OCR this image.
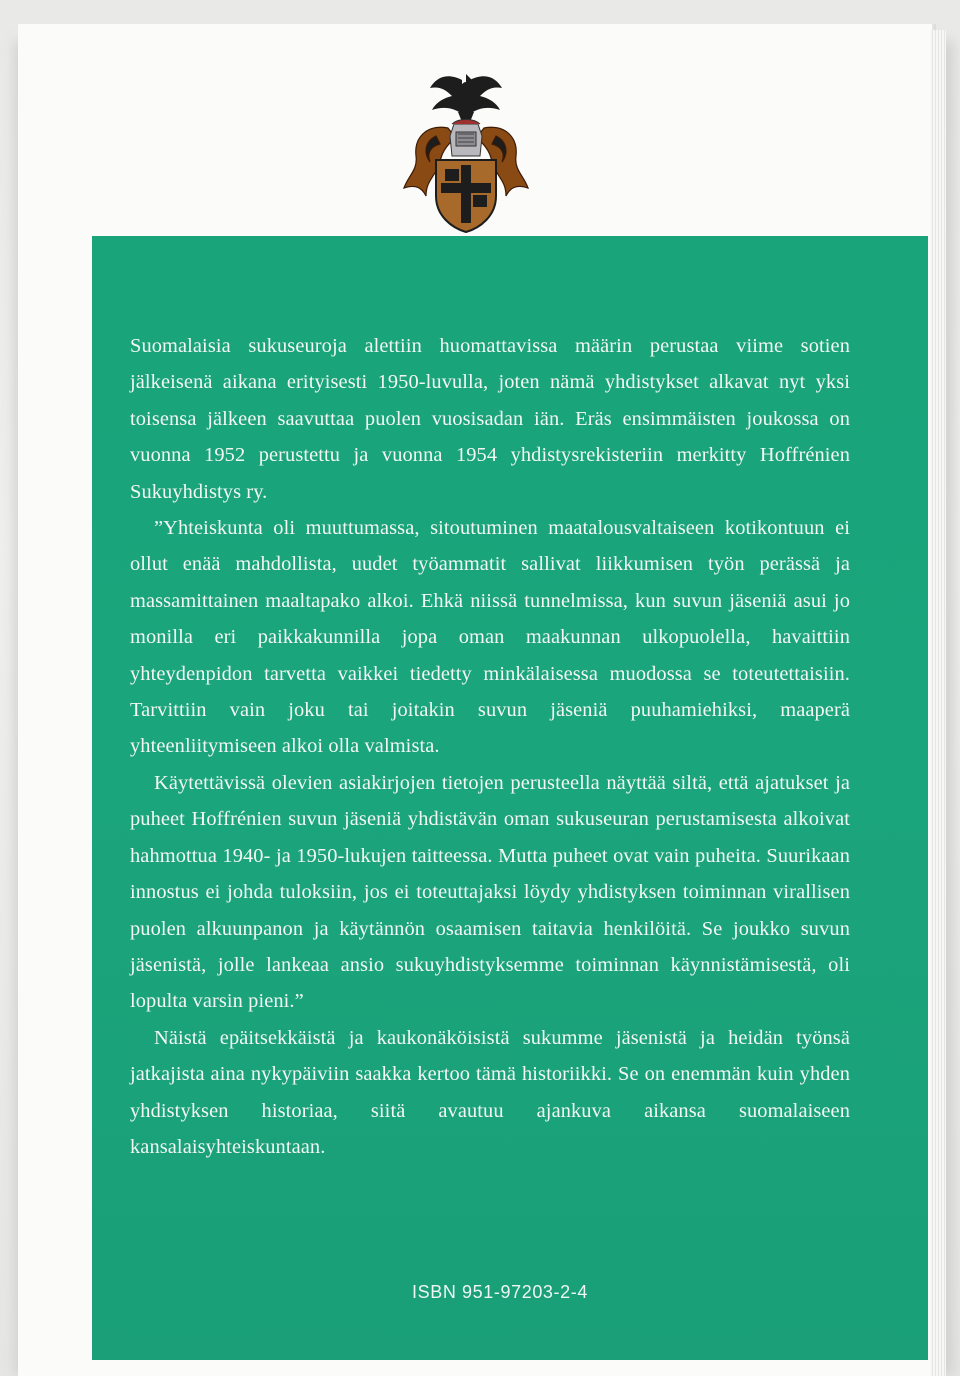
Suomalaisia sukuseuroja alettiin huomattavissa määrin perustaa viime sotien jälkeisenä aikana erityisesti 1950-luvulla, joten nämä yhdistykset alkavat nyt yksi toisensa jälkeen saavuttaa puolen vuosisadan iän. Eräs ensimmäisten joukossa on vuonna 1952 perustettu ja vuonna 1954 yhdistysrekisteriin merkitty Hoffrénien Sukuyhdistys ry.

”Yhteiskunta oli muuttumassa, sitoutuminen maatalousvaltaiseen kotikontuun ei ollut enää mahdollista, uudet työammatit sallivat liikkumisen työn perässä ja massamittainen maaltapako alkoi. Ehkä niissä tunnelmissa, kun suvun jäseniä asui jo monilla eri paikkakunnilla jopa oman maakunnan ulkopuolella, havaittiin yhteydenpidon tarvetta vaikkei tiedetty minkälaisessa muodossa se toteutettaisiin. Tarvittiin vain joku tai joitakin suvun jäseniä puuhamiehiksi, maaperä yhteenliitymiseen alkoi olla valmista.

Käytettävissä olevien asiakirjojen tietojen perusteella näyttää siltä, että ajatukset ja puheet Hoffrénien suvun jäseniä yhdistävän oman sukuseuran perustamisesta alkoivat hahmottua 1940- ja 1950-lukujen taitteessa. Mutta puheet ovat vain puheita. Suurikaan innostus ei johda tuloksiin, jos ei toteuttajaksi löydy yhdistyksen toiminnan virallisen puolen alkuunpanon ja käytännön osaamisen taitavia henkilöitä. Se joukko suvun jäsenistä, jolle lankeaa ansio sukuyhdistyksemme toiminnan käynnistämisestä, oli lopulta varsin pieni.”

Näistä epäitsekkäistä ja kaukonäköisistä sukumme jäsenistä ja heidän työnsä jatkajista aina nykypäiviin saakka kertoo tämä historiikki. Se on enemmän kuin yhden yhdistyksen historiaa, siitä avautuu ajankuva aikansa suomalaiseen kansalaisyhteiskuntaan.

ISBN 951-97203-2-4
